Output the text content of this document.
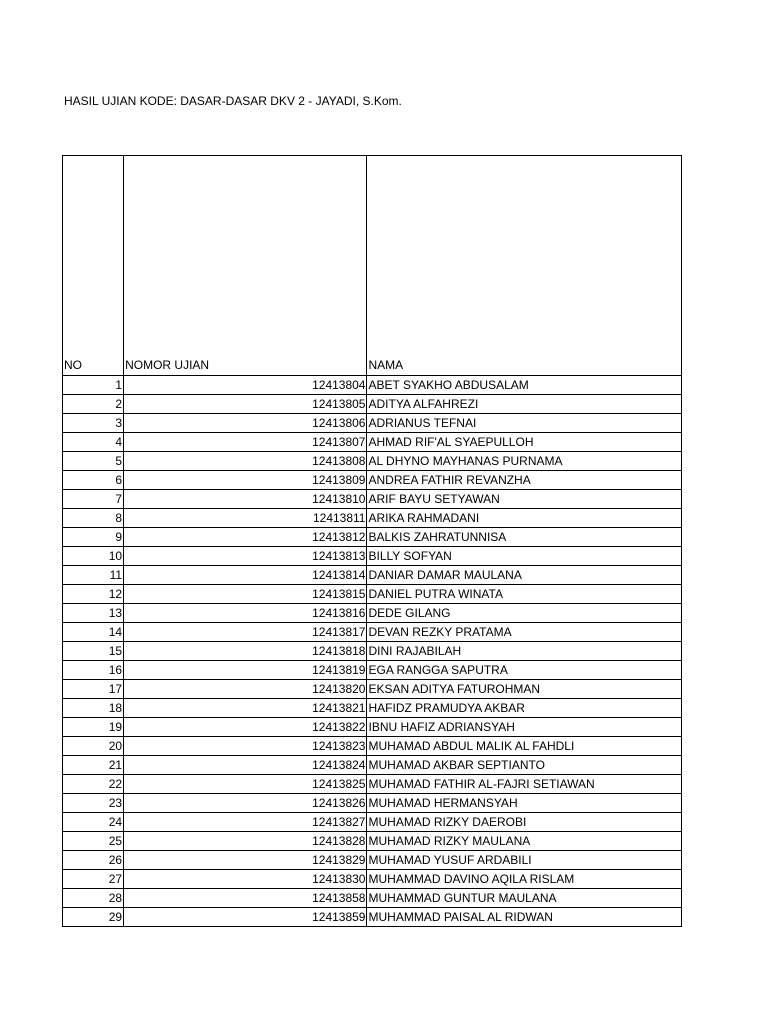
HASIL UJIAN KODE: DASAR-DASAR DKV 2 - JAYADI, S.Kom.
NO	NOMOR UJIAN	NAMA
1	12413804	ABET SYAKHO ABDUSALAM
2	12413805	ADITYA ALFAHREZI
3	12413806	ADRIANUS TEFNAI
4	12413807	AHMAD RIF'AL SYAEPULLOH
5	12413808	AL DHYNO MAYHANAS PURNAMA
6	12413809	ANDREA FATHIR REVANZHA
7	12413810	ARIF BAYU SETYAWAN
8	12413811	ARIKA RAHMADANI
9	12413812	BALKIS ZAHRATUNNISA
10	12413813	BILLY SOFYAN
11	12413814	DANIAR DAMAR MAULANA
12	12413815	DANIEL PUTRA WINATA
13	12413816	DEDE GILANG
14	12413817	DEVAN REZKY PRATAMA
15	12413818	DINI RAJABILAH
16	12413819	EGA RANGGA SAPUTRA
17	12413820	EKSAN ADITYA FATUROHMAN
18	12413821	HAFIDZ PRAMUDYA AKBAR
19	12413822	IBNU HAFIZ ADRIANSYAH
20	12413823	MUHAMAD ABDUL MALIK AL FAHDLI
21	12413824	MUHAMAD AKBAR SEPTIANTO
22	12413825	MUHAMAD FATHIR AL-FAJRI SETIAWAN
23	12413826	MUHAMAD HERMANSYAH
24	12413827	MUHAMAD RIZKY DAEROBI
25	12413828	MUHAMAD RIZKY MAULANA
26	12413829	MUHAMAD YUSUF ARDABILI
27	12413830	MUHAMMAD DAVINO AQILA RISLAM
28	12413858	MUHAMMAD GUNTUR MAULANA
29	12413859	MUHAMMAD PAISAL AL RIDWAN
